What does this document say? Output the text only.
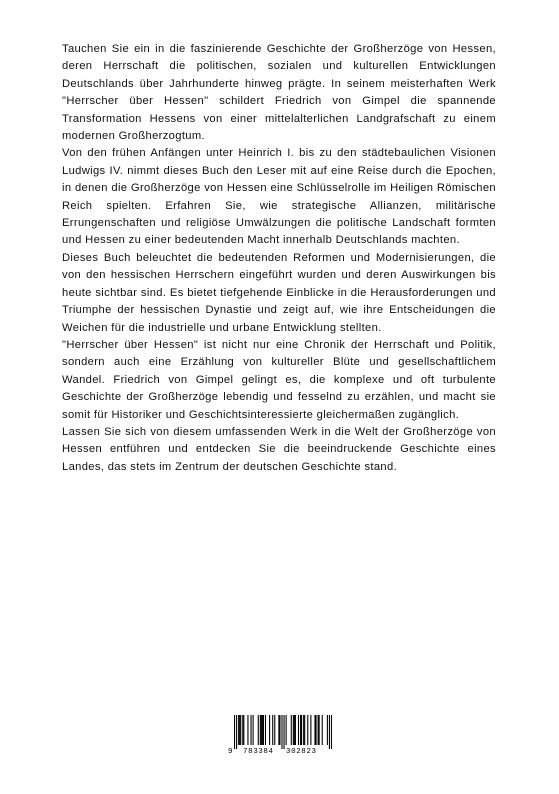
Tauchen Sie ein in die faszinierende Geschichte der Großherzöge von Hessen, deren Herrschaft die politischen, sozialen und kulturellen Entwicklungen Deutschlands über Jahrhunderte hinweg prägte. In seinem meisterhaften Werk "Herrscher über Hessen" schildert Friedrich von Gimpel die spannende Transformation Hessens von einer mittelalterlichen Landgrafschaft zu einem modernen Großherzogtum.

Von den frühen Anfängen unter Heinrich I. bis zu den städtebaulichen Visionen Ludwigs IV. nimmt dieses Buch den Leser mit auf eine Reise durch die Epochen, in denen die Großherzöge von Hessen eine Schlüsselrolle im Heiligen Römischen Reich spielten. Erfahren Sie, wie strategische Allianzen, militärische Errungenschaften und religiöse Umwälzungen die politische Landschaft formten und Hessen zu einer bedeutenden Macht innerhalb Deutschlands machten.

Dieses Buch beleuchtet die bedeutenden Reformen und Modernisierungen, die von den hessischen Herrschern eingeführt wurden und deren Auswirkungen bis heute sichtbar sind. Es bietet tiefgehende Einblicke in die Herausforderungen und Triumphe der hessischen Dynastie und zeigt auf, wie ihre Entscheidungen die Weichen für die industrielle und urbane Entwicklung stellten.

"Herrscher über Hessen" ist nicht nur eine Chronik der Herrschaft und Politik, sondern auch eine Erzählung von kultureller Blüte und gesellschaftlichem Wandel. Friedrich von Gimpel gelingt es, die komplexe und oft turbulente Geschichte der Großherzöge lebendig und fesselnd zu erzählen, und macht sie somit für Historiker und Geschichtsinteressierte gleichermaßen zugänglich.

Lassen Sie sich von diesem umfassenden Werk in die Welt der Großherzöge von Hessen entführen und entdecken Sie die beeindruckende Geschichte eines Landes, das stets im Zentrum der deutschen Geschichte stand.

9 783384 302823
